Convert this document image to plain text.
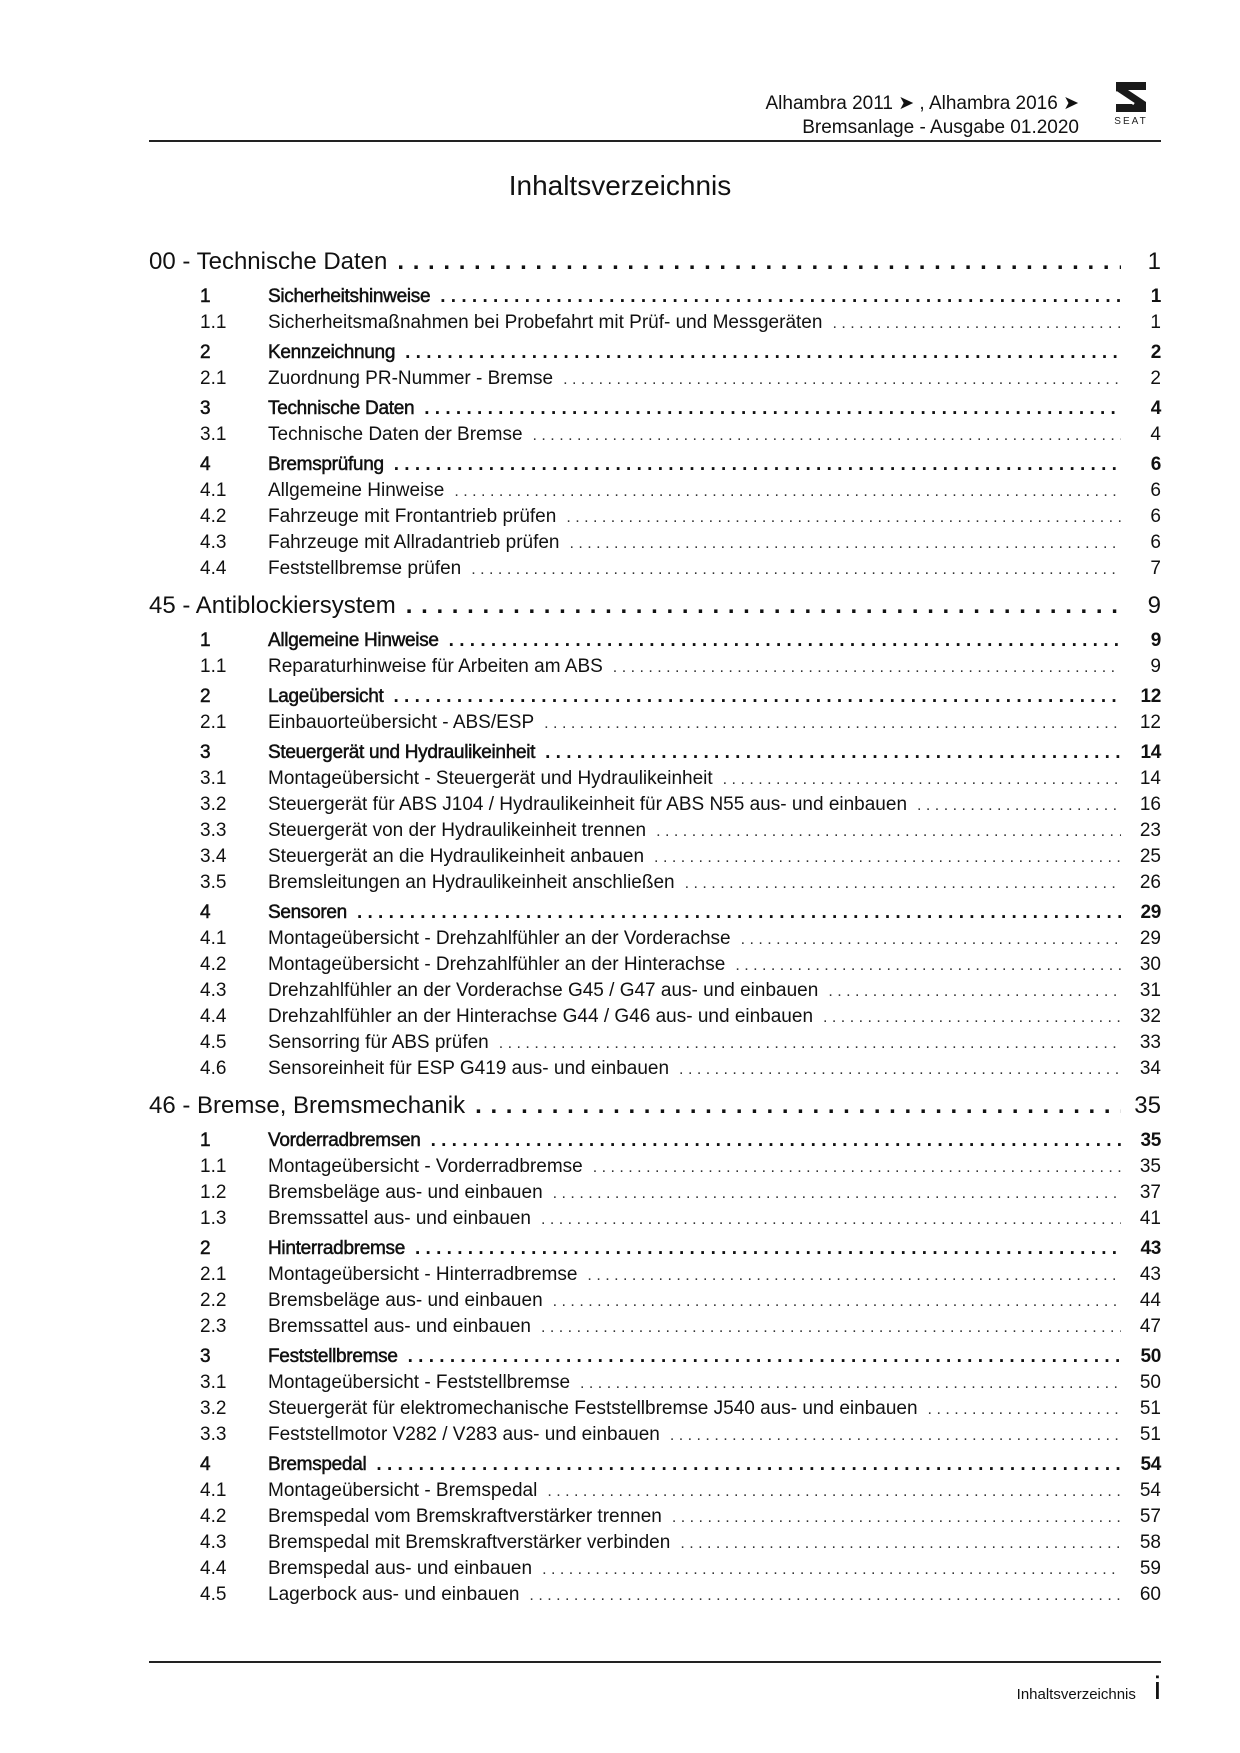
Alhambra 2011 ➤ , Alhambra 2016 ➤
Bremsanlage - Ausgabe 01.2020	SEAT
Inhaltsverzeichnis
00 - Technische Daten . . .	1
1	Sicherheitshinweise . . .	1
1.1	Sicherheitsmaßnahmen bei Probefahrt mit Prüf- und Messgeräten . . .	1
2	Kennzeichnung . . .	2
2.1	Zuordnung PR-Nummer - Bremse . . .	2
3	Technische Daten . . .	4
3.1	Technische Daten der Bremse . . .	4
4	Bremsprüfung . . .	6
4.1	Allgemeine Hinweise . . .	6
4.2	Fahrzeuge mit Frontantrieb prüfen . . .	6
4.3	Fahrzeuge mit Allradantrieb prüfen . . .	6
4.4	Feststellbremse prüfen . . .	7
45 - Antiblockiersystem . . .	9
1	Allgemeine Hinweise . . .	9
1.1	Reparaturhinweise für Arbeiten am ABS . . .	9
2	Lageübersicht . . .	12
2.1	Einbauorteübersicht - ABS/ESP . . .	12
3	Steuergerät und Hydraulikeinheit . . .	14
3.1	Montageübersicht - Steuergerät und Hydraulikeinheit . . .	14
3.2	Steuergerät für ABS J104 / Hydraulikeinheit für ABS N55 aus- und einbauen . . .	16
3.3	Steuergerät von der Hydraulikeinheit trennen . . .	23
3.4	Steuergerät an die Hydraulikeinheit anbauen . . .	25
3.5	Bremsleitungen an Hydraulikeinheit anschließen . . .	26
4	Sensoren . . .	29
4.1	Montageübersicht - Drehzahlfühler an der Vorderachse . . .	29
4.2	Montageübersicht - Drehzahlfühler an der Hinterachse . . .	30
4.3	Drehzahlfühler an der Vorderachse G45 / G47 aus- und einbauen . . .	31
4.4	Drehzahlfühler an der Hinterachse G44 / G46 aus- und einbauen . . .	32
4.5	Sensorring für ABS prüfen . . .	33
4.6	Sensoreinheit für ESP G419 aus- und einbauen . . .	34
46 - Bremse, Bremsmechanik . . .	35
1	Vorderradbremsen . . .	35
1.1	Montageübersicht - Vorderradbremse . . .	35
1.2	Bremsbeläge aus- und einbauen . . .	37
1.3	Bremssattel aus- und einbauen . . .	41
2	Hinterradbremse . . .	43
2.1	Montageübersicht - Hinterradbremse . . .	43
2.2	Bremsbeläge aus- und einbauen . . .	44
2.3	Bremssattel aus- und einbauen . . .	47
3	Feststellbremse . . .	50
3.1	Montageübersicht - Feststellbremse . . .	50
3.2	Steuergerät für elektromechanische Feststellbremse J540 aus- und einbauen . . .	51
3.3	Feststellmotor V282 / V283 aus- und einbauen . . .	51
4	Bremspedal . . .	54
4.1	Montageübersicht - Bremspedal . . .	54
4.2	Bremspedal vom Bremskraftverstärker trennen . . .	57
4.3	Bremspedal mit Bremskraftverstärker verbinden . . .	58
4.4	Bremspedal aus- und einbauen . . .	59
4.5	Lagerbock aus- und einbauen . . .	60
Inhaltsverzeichnis i
